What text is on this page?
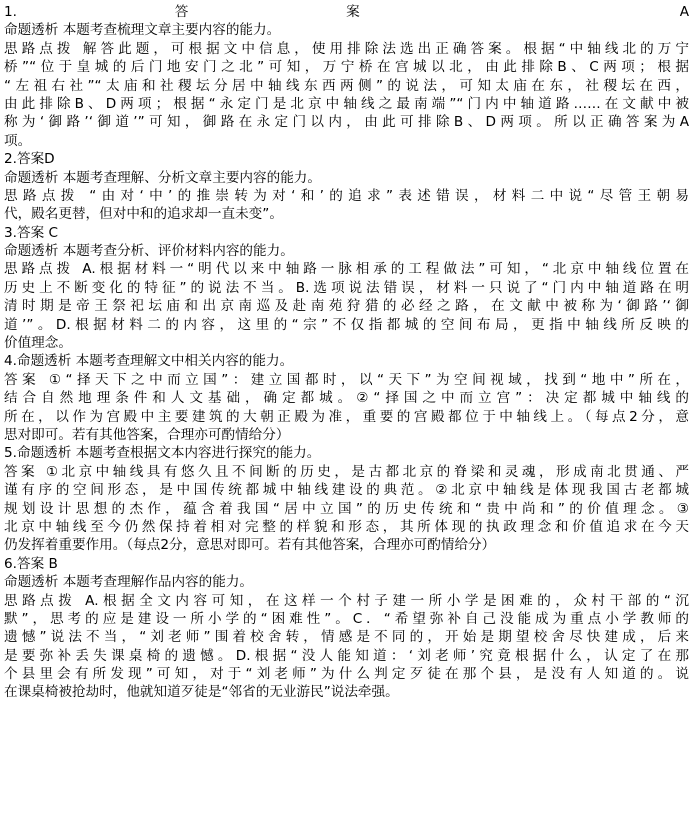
1.答案 A
命题透析 本题考查梳理文章主要内容的能力。
思路点拨 解答此题，可根据文中信息，使用排除法选出正确答案。根据“中轴线北的万宁
桥”“位于皇城的后门地安门之北”可知，万宁桥在宫城以北，由此排除B、C两项；根据
“左祖右社”“太庙和社稷坛分居中轴线东西两侧”的说法，可知太庙在东，社稷坛在西，
由此排除B、D两项；根据“永定门是北京中轴线之最南端”“门内中轴道路……在文献中被
称为‘御路’‘御道’”可知，御路在永定门以内，由此可排除B、D两项。所以正确答案为A
项。
2.答案D
命题透析 本题考查理解、分析文章主要内容的能力。
思路点拨 “由对‘中’的推崇转为对‘和’的追求”表述错误，材料二中说“尽管王朝易
代，殿名更替，但对中和的追求却一直未变”。
3.答案 C
命题透析 本题考查分析、评价材料内容的能力。
思路点拨 A.根据材料一“明代以来中轴路一脉相承的工程做法”可知，“北京中轴线位置在
历史上不断变化的特征”的说法不当。B.选项说法错误，材料一只说了“门内中轴道路在明
清时期是帝王祭祀坛庙和出京南巡及赴南苑狩猎的必经之路，在文献中被称为‘御路’‘御
道’”。D.根据材料二的内容，这里的“宗”不仅指都城的空间布局，更指中轴线所反映的
价值理念。
4.命题透析 本题考查理解文中相关内容的能力。
答案 ①“择天下之中而立国”：建立国都时，以“天下”为空间视域，找到“地中”所在，
结合自然地理条件和人文基础，确定都城。②“择国之中而立宫”：决定都城中轴线的
所在，以作为宫殿中主要建筑的大朝正殿为准，重要的宫殿都位于中轴线上。（每点2分，意
思对即可。若有其他答案，合理亦可酌情给分）
5.命题透析 本题考查根据文本内容进行探究的能力。
答案 ①北京中轴线具有悠久且不间断的历史，是古都北京的脊梁和灵魂，形成南北贯通、严
谨有序的空间形态，是中国传统都城中轴线建设的典范。②北京中轴线是体现我国古老都城
规划设计思想的杰作，蕴含着我国“居中立国”的历史传统和“贵中尚和”的价值理念。③
北京中轴线至今仍然保持着相对完整的样貌和形态，其所体现的执政理念和价值追求在今天
仍发挥着重要作用。（每点2分，意思对即可。若有其他答案，合理亦可酌情给分）
6.答案 B
命题透析 本题考查理解作品内容的能力。
思路点拨 A.根据全文内容可知，在这样一个村子建一所小学是困难的，众村干部的“沉
默”，思考的应是建设一所小学的“困难性”。C．“希望弥补自己没能成为重点小学教师的
遗憾”说法不当，“刘老师”围着校舍转，情感是不同的，开始是期望校舍尽快建成，后来
是要弥补丢失课桌椅的遗憾。D.根据“没人能知道：‘刘老师’究竟根据什么，认定了在那
个县里会有所发现”可知，对于“刘老师”为什么判定歹徒在那个县，是没有人知道的。说
在课桌椅被抢劫时，他就知道歹徒是“邻省的无业游民”说法牵强。
